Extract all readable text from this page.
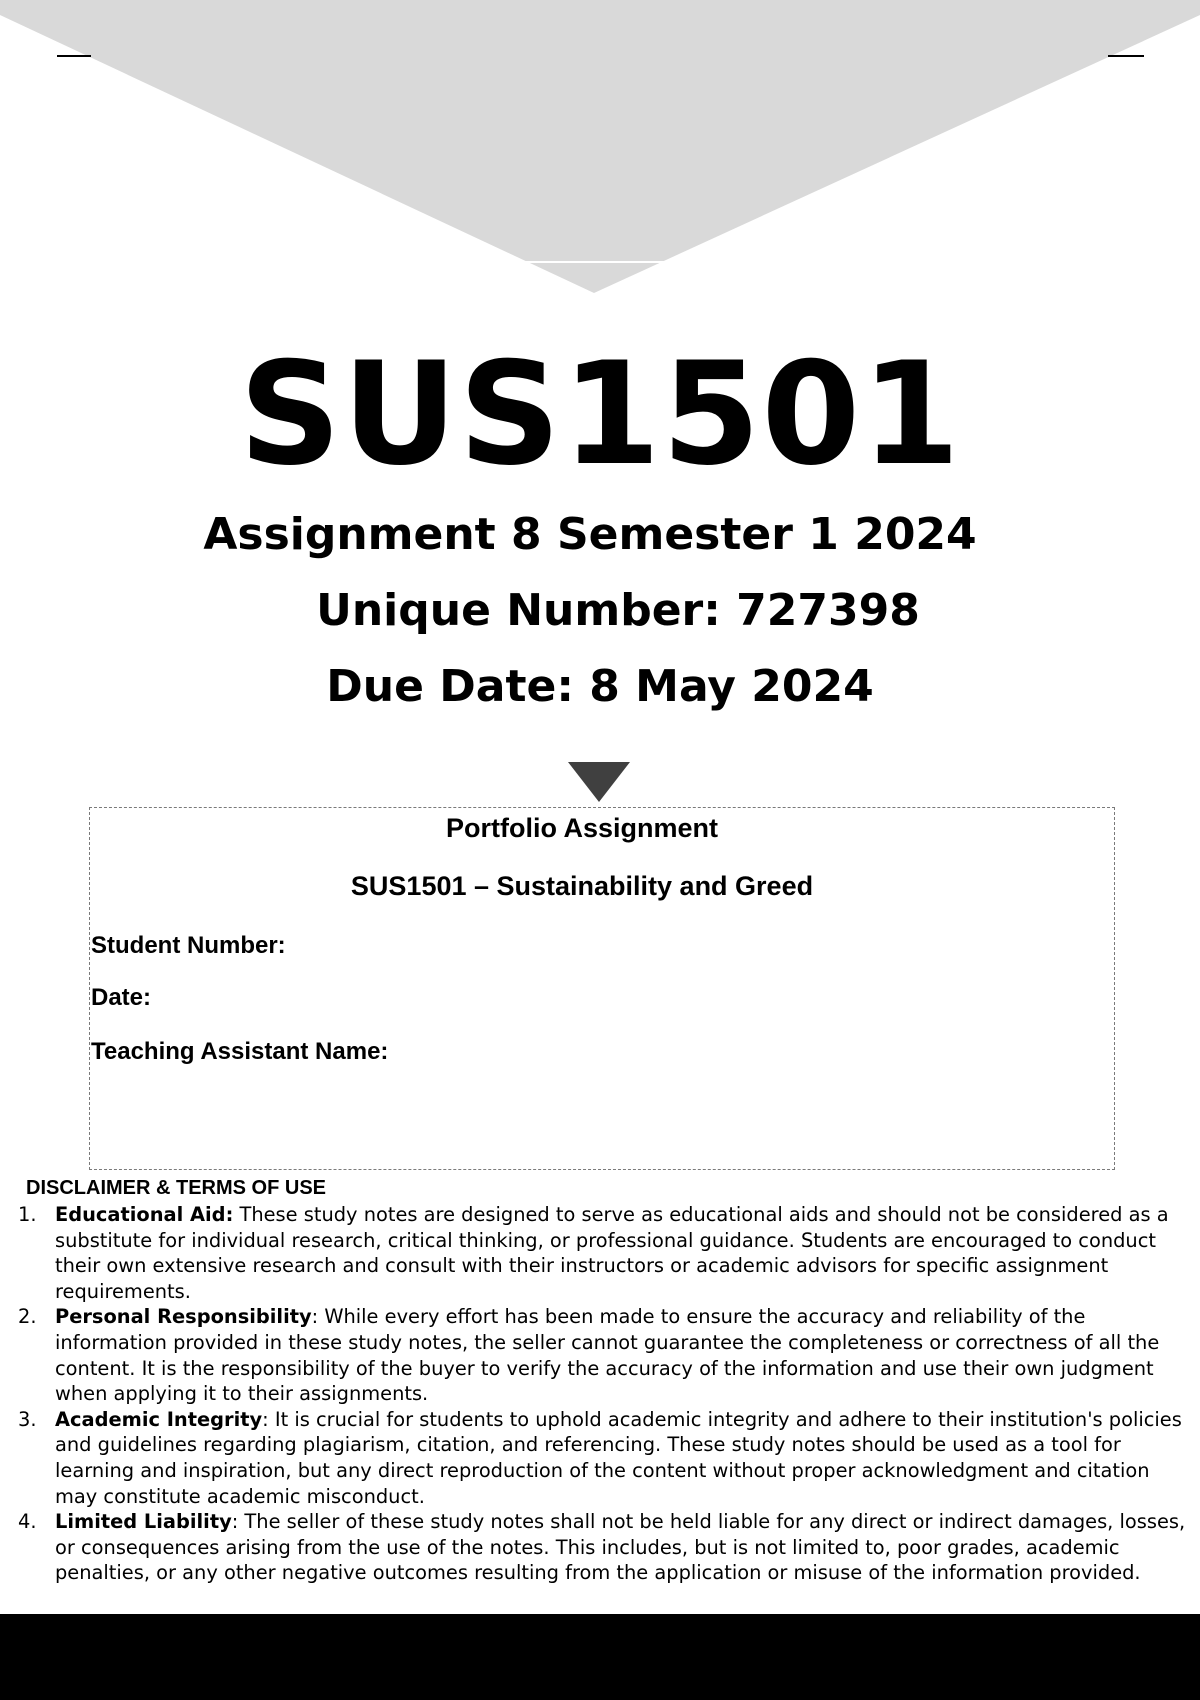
SUS1501
Assignment 8 Semester 1 2024
Unique Number: 727398
Due Date: 8 May 2024
Portfolio Assignment
SUS1501 – Sustainability and Greed
Student Number:
Date:
Teaching Assistant Name:
DISCLAIMER & TERMS OF USE
1. Educational Aid: These study notes are designed to serve as educational aids and should not be considered as a substitute for individual research, critical thinking, or professional guidance. Students are encouraged to conduct their own extensive research and consult with their instructors or academic advisors for specific assignment requirements.
2. Personal Responsibility: While every effort has been made to ensure the accuracy and reliability of the information provided in these study notes, the seller cannot guarantee the completeness or correctness of all the content. It is the responsibility of the buyer to verify the accuracy of the information and use their own judgment when applying it to their assignments.
3. Academic Integrity: It is crucial for students to uphold academic integrity and adhere to their institution's policies and guidelines regarding plagiarism, citation, and referencing. These study notes should be used as a tool for learning and inspiration, but any direct reproduction of the content without proper acknowledgment and citation may constitute academic misconduct.
4. Limited Liability: The seller of these study notes shall not be held liable for any direct or indirect damages, losses, or consequences arising from the use of the notes. This includes, but is not limited to, poor grades, academic penalties, or any other negative outcomes resulting from the application or misuse of the information provided.
